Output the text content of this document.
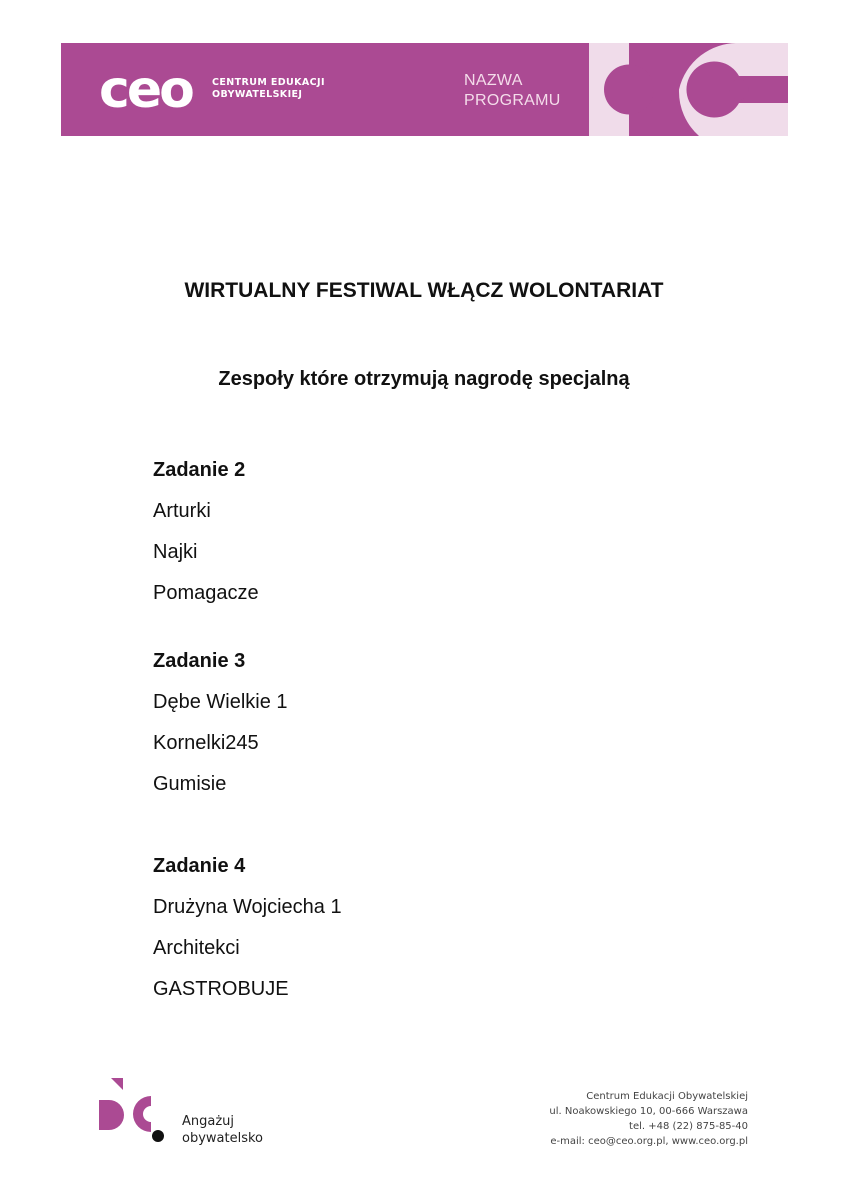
ceo CENTRUM EDUKACJI
OBYWATELSKIEJ
NAZWA
PROGRAMU
WIRTUALNY FESTIWAL WŁĄCZ WOLONTARIAT
Zespoły które otrzymują nagrodę specjalną
Zadanie 2
Arturki
Najki
Pomagacze
Zadanie 3
Dębe Wielkie 1
Kornelki245
Gumisie
Zadanie 4
Drużyna Wojciecha 1
Architekci
GASTROBUJE
Angażuj
obywatelsko
Centrum Edukacji Obywatelskiej
ul. Noakowskiego 10, 00-666 Warszawa
tel. +48 (22) 875-85-40
e-mail: ceo@ceo.org.pl, www.ceo.org.pl
